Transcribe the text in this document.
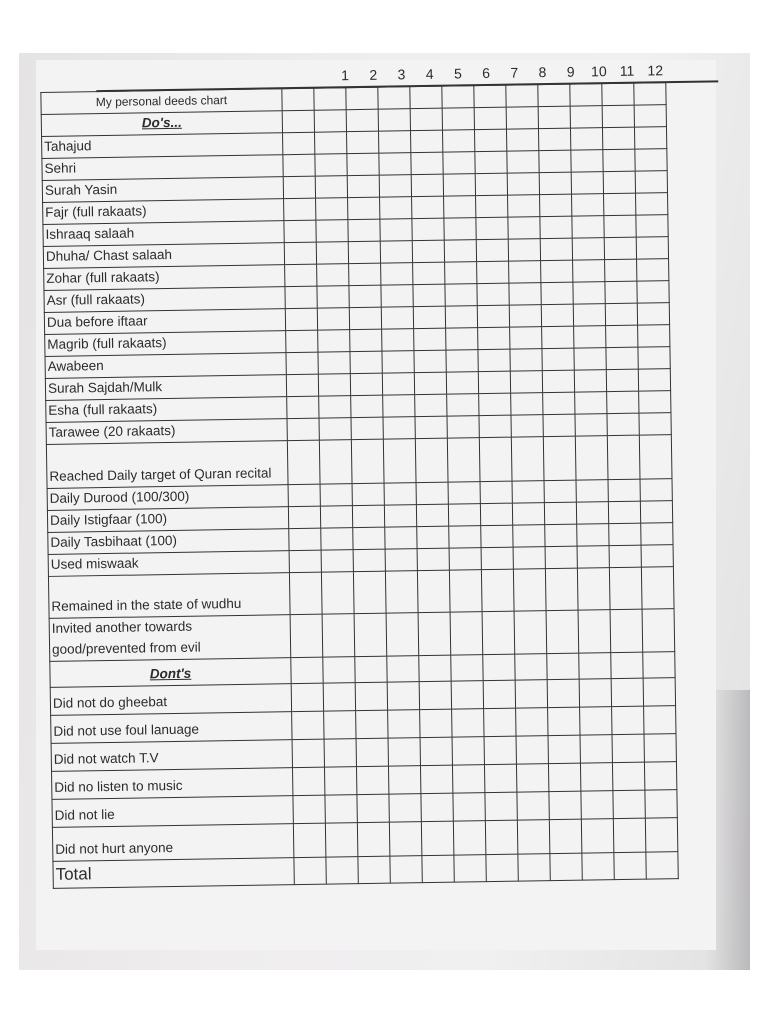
1	2	3	4	5	6	7	8	9	10 11 12
My personal deeds chart												
Do's...												
Tahajud												
Sehri												
Surah Yasin												
Fajr (full rakaats)												
Ishraaq salaah												
Dhuha/ Chast salaah												
Zohar (full rakaats)												
Asr (full rakaats)												
Dua before iftaar												
Magrib (full rakaats)												
Awabeen												
Surah Sajdah/Mulk												
Esha (full rakaats)												
Tarawee (20 rakaats)												
Reached Daily target of Quran recital												
Daily Durood (100/300)												
Daily Istigfaar (100)												
Daily Tasbihaat (100)												
Used miswaak												
Remained in the state of wudhu												
Invited another towards good/prevented from evil												
Dont's												
Did not do gheebat												
Did not use foul lanuage												
Did not watch T.V												
Did no listen to music												
Did not lie												
Did not hurt anyone												
Total												
